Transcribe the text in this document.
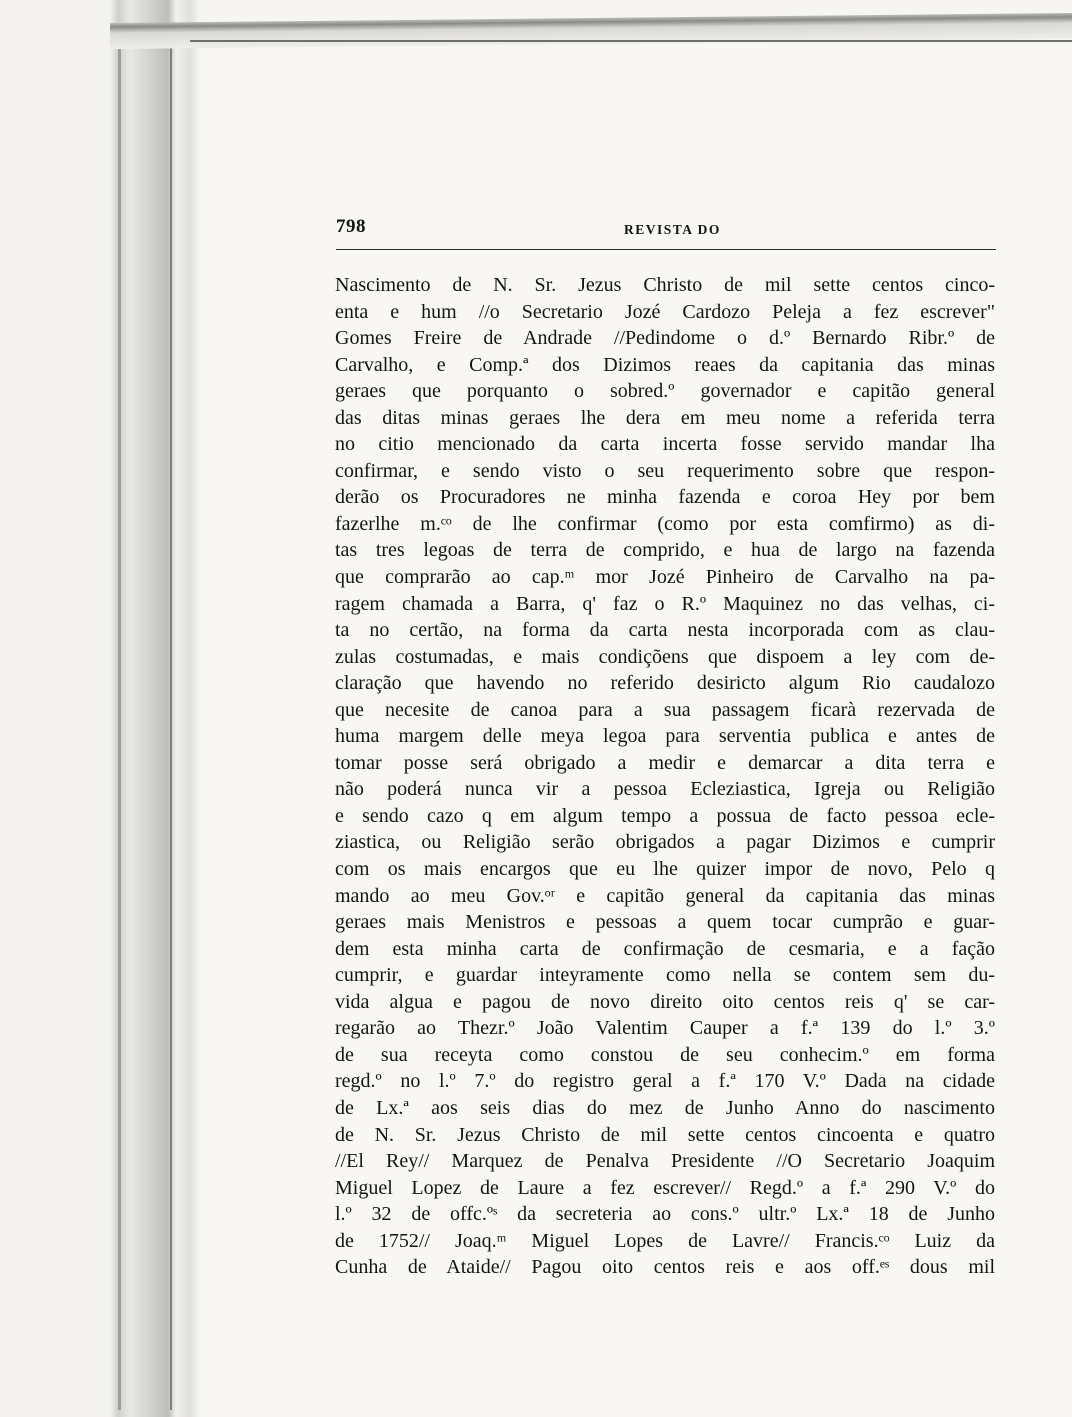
798	REVISTA DO
Nascimento de N. Sr. Jezus Christo de mil sette centos cinco-
enta e hum //o Secretario Jozé Cardozo Peleja a fez escrever"
Gomes Freire de Andrade //Pedindome o d.º Bernardo Ribr.º de
Carvalho, e Comp.ª dos Dizimos reaes da capitania das minas
geraes que porquanto o sobred.º governador e capitão general
das ditas minas geraes lhe dera em meu nome a referida terra
no citio mencionado da carta incerta fosse servido mandar lha
confirmar, e sendo visto o seu requerimento sobre que respon-
derão os Procuradores ne minha fazenda e coroa Hey por bem
fazerlhe m.ᶜᵒ de lhe confirmar (como por esta comfirmo) as di-
tas tres legoas de terra de comprido, e hua de largo na fazenda
que comprarão ao cap.ᵐ mor Jozé Pinheiro de Carvalho na pa-
ragem chamada a Barra, q' faz o R.º Maquinez no das velhas, ci-
ta no certão, na forma da carta nesta incorporada com as clau-
zulas costumadas, e mais condiçõens que dispoem a ley com de-
claração que havendo no referido desiricto algum Rio caudalozo
que necesite de canoa para a sua passagem ficarà rezervada de
huma margem delle meya legoa para serventia publica e antes de
tomar posse será obrigado a medir e demarcar a dita terra e
não poderá nunca vir a pessoa Ecleziastica, Igreja ou Religião
e sendo cazo q em algum tempo a possua de facto pessoa ecle-
ziastica, ou Religião serão obrigados a pagar Dizimos e cumprir
com os mais encargos que eu lhe quizer impor de novo, Pelo q
mando ao meu Gov.ᵒʳ e capitão general da capitania das minas
geraes mais Menistros e pessoas a quem tocar cumprão e guar-
dem esta minha carta de confirmação de cesmaria, e a fação
cumprir, e guardar inteyramente como nella se contem sem du-
vida algua e pagou de novo direito oito centos reis q' se car-
regarão ao Thezr.º João Valentim Cauper a f.ª 139 do l.º 3.º
de sua receyta como constou de seu conhecim.º em forma
regd.º no l.º 7.º do registro geral a f.ª 170 V.º Dada na cidade
de Lx.ª aos seis dias do mez de Junho Anno do nascimento
de N. Sr. Jezus Christo de mil sette centos cincoenta e quatro
//El Rey// Marquez de Penalva Presidente //O Secretario Joaquim
Miguel Lopez de Laure a fez escrever// Regd.º a f.ª 290 V.º do
l.º 32 de offc.ºˢ da secreteria ao cons.º ultr.º Lx.ª 18 de Junho
de 1752// Joaq.ᵐ Miguel Lopes de Lavre// Francis.ᶜᵒ Luiz da
Cunha de Ataide// Pagou oito centos reis e aos off.ᵉˢ dous mil
